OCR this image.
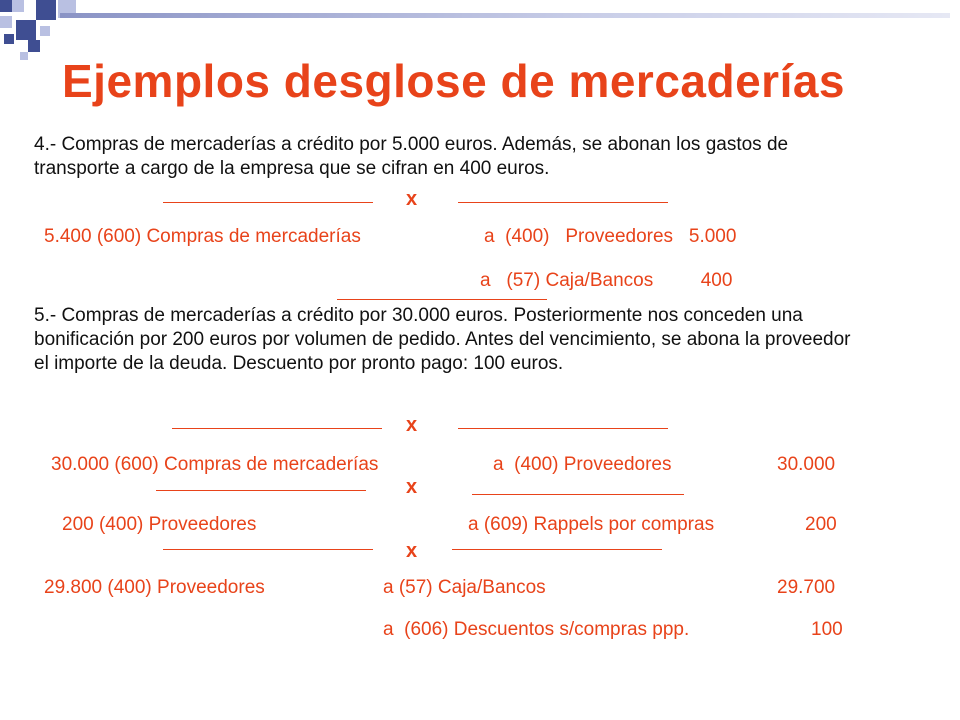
Ejemplos desglose de mercaderías
4.- Compras de mercaderías a crédito por 5.000 euros. Además, se abonan los gastos de transporte a cargo de la empresa que se cifran en 400 euros.
x
5.400 (600) Compras de mercaderías	a  (400)   Proveedores   5.000
a   (57) Caja/Bancos         400
5.- Compras de mercaderías a crédito por 30.000 euros. Posteriormente nos conceden una bonificación por 200 euros por volumen de pedido. Antes del vencimiento, se abona la proveedor el importe de la deuda. Descuento por pronto pago: 100 euros.
x
30.000 (600) Compras de mercaderías	a  (400) Proveedores	30.000
x
200 (400) Proveedores	a (609) Rappels por compras	200
x
29.800 (400) Proveedores	a (57) Caja/Bancos	29.700
a  (606) Descuentos s/compras ppp.	100
